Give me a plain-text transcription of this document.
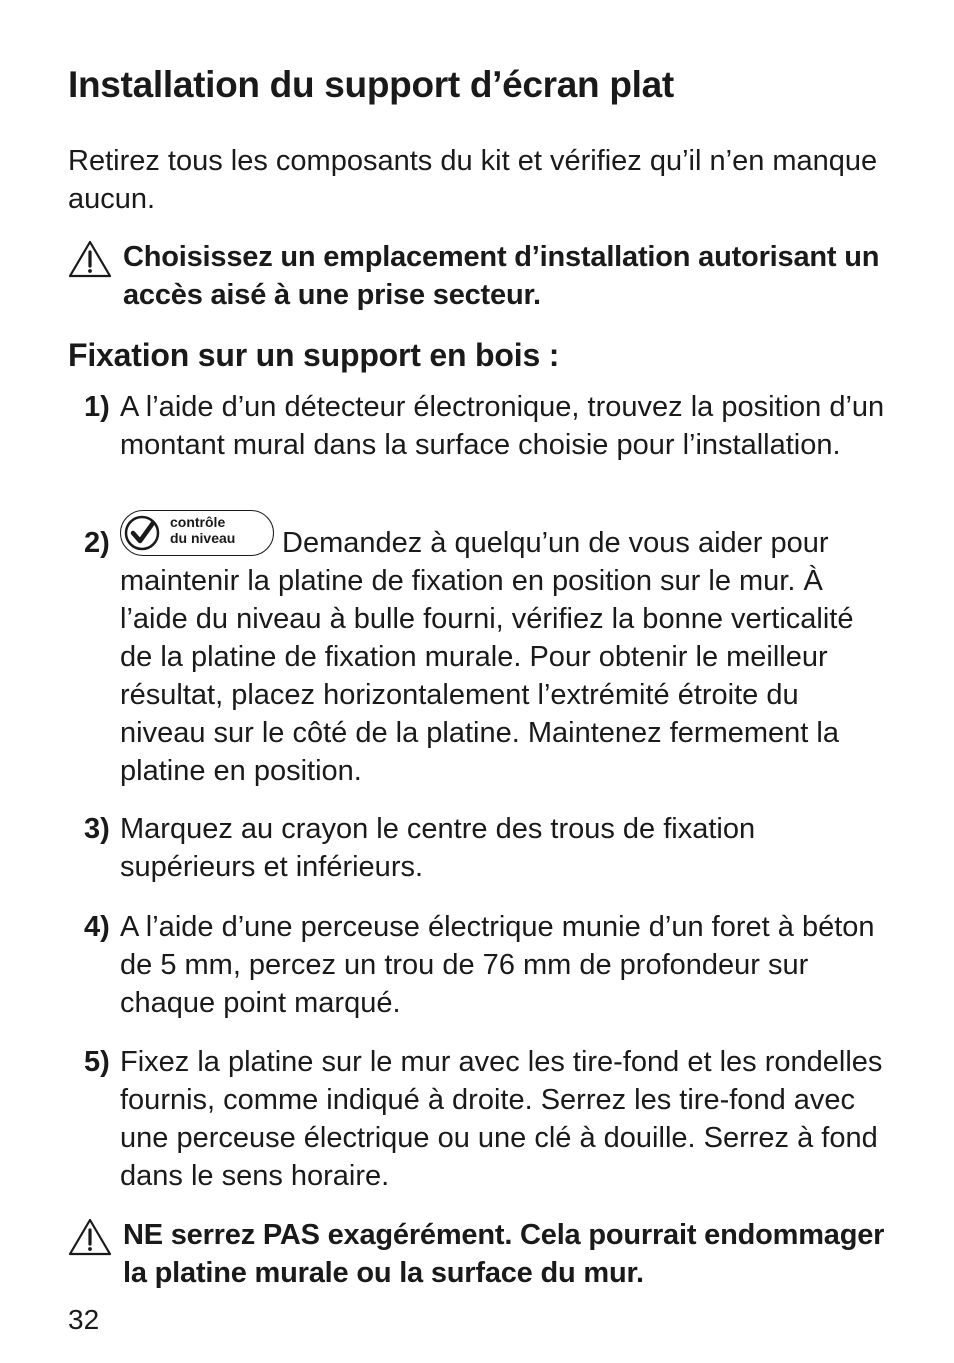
Installation du support d’écran plat

Retirez tous les composants du kit et vérifiez qu’il n’en manque aucun.

Choisissez un emplacement d’installation autorisant un accès aisé à une prise secteur.

Fixation sur un support en bois :
1) A l’aide d’un détecteur électronique, trouvez la position d’un montant mural dans la surface choisie pour l’installation.

2)
contrôle
du niveau Demandez à quelqu’un de vous aider pour

maintenir la platine de fixation en position sur le mur. À l’aide du niveau à bulle fourni, vérifiez la bonne verticalité de la platine de fixation murale. Pour obtenir le meilleur résultat, placez horizontalement l’extrémité étroite du niveau sur le côté de la platine. Maintenez fermement la platine en position.

3) Marquez au crayon le centre des trous de fixation supérieurs et inférieurs.

4) A l’aide d’une perceuse électrique munie d’un foret à béton de 5 mm, percez un trou de 76 mm de profondeur sur chaque point marqué.

5) Fixez la platine sur le mur avec les tire-fond et les rondelles fournis, comme indiqué à droite. Serrez les tire-fond avec une perceuse électrique ou une clé à douille. Serrez à fond dans le sens horaire.

NE serrez PAS exagérément. Cela pourrait endommager la platine murale ou la surface du mur.

32
